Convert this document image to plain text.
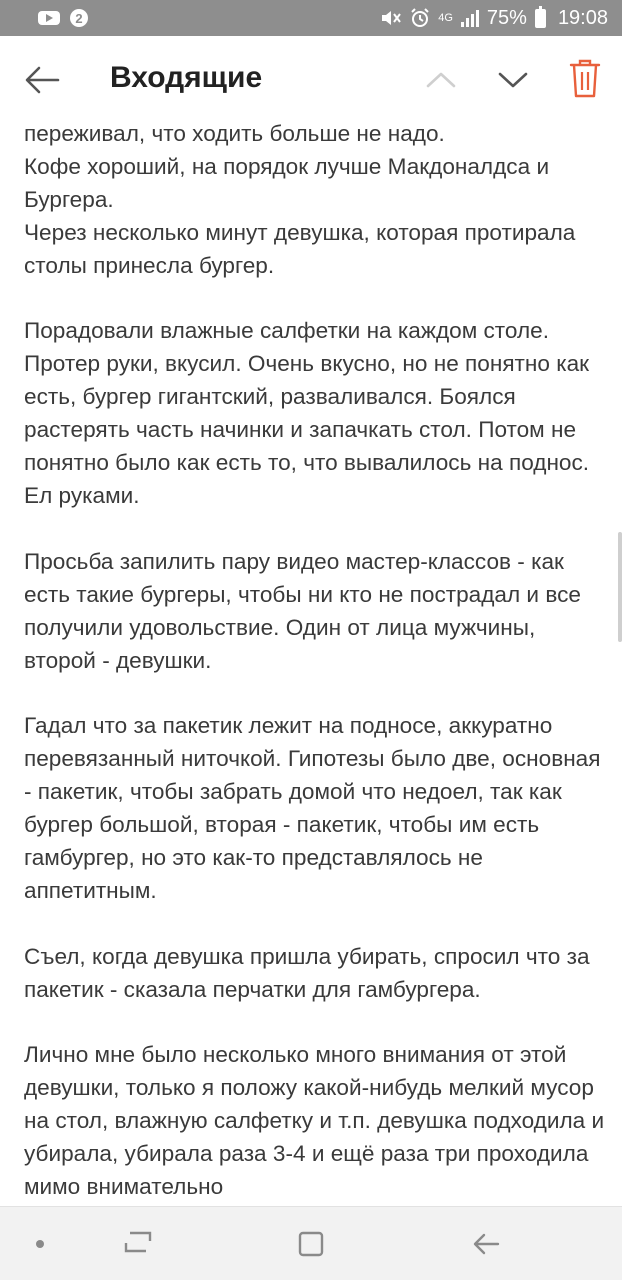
2	4G 75% 19:08
Входящие
переживал, что ходить больше не надо.
Кофе хороший, на порядок лучше Макдоналдса и Бургера.
Через несколько минут девушка, которая протирала столы принесла бургер.

Порадовали влажные салфетки на каждом столе. Протер руки, вкусил. Очень вкусно, но не понятно как есть, бургер гигантский, разваливался. Боялся растерять часть начинки и запачкать стол. Потом не понятно было как есть то, что вывалилось на поднос. Ел руками.

Просьба запилить пару видео мастер-классов - как есть такие бургеры, чтобы ни кто не пострадал и все получили удовольствие. Один от лица мужчины, второй - девушки.

Гадал что за пакетик лежит на подносе, аккуратно перевязанный ниточкой. Гипотезы было две, основная - пакетик, чтобы забрать домой что недоел, так как бургер большой, вторая - пакетик, чтобы им есть гамбургер, но это как-то представлялось не аппетитным.

Съел, когда девушка пришла убирать, спросил что за пакетик - сказала перчатки для гамбургера.

Лично мне было несколько много внимания от этой девушки, только я положу какой-нибудь мелкий мусор на стол, влажную салфетку и т.п. девушка подходила и убирала, убирала раза 3-4 и ещё раза три проходила мимо внимательно
